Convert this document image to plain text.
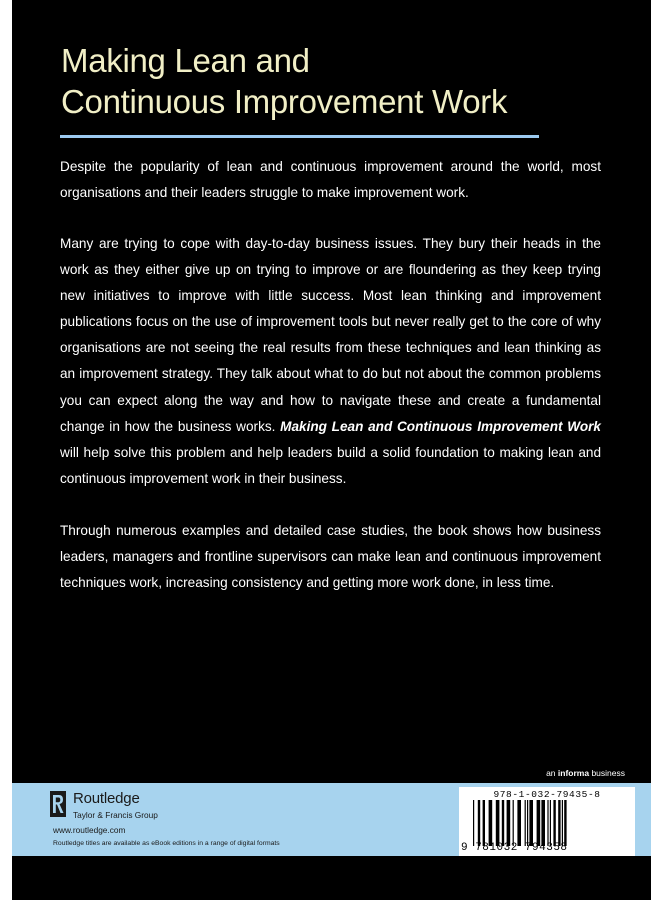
Making Lean and
Continuous Improvement Work

Despite the popularity of lean and continuous improvement around the world, most organisations and their leaders struggle to make improvement work.

Many are trying to cope with day-to-day business issues. They bury their heads in the work as they either give up on trying to improve or are floundering as they keep trying new initiatives to improve with little success. Most lean thinking and improvement publications focus on the use of improvement tools but never really get to the core of why organisations are not seeing the real results from these techniques and lean thinking as an improvement strategy. They talk about what to do but not about the common problems you can expect along the way and how to navigate these and create a fundamental change in how the business works. Making Lean and Continuous Improvement Work will help solve this problem and help leaders build a solid foundation to making lean and continuous improvement work in their business.

Through numerous examples and detailed case studies, the book shows how business leaders, managers and frontline supervisors can make lean and continuous improvement techniques work, increasing consistency and getting more work done, in less time.

an informa business
Routledge
Taylor & Francis Group
www.routledge.com
Routledge titles are available as eBook editions in a range of digital formats
978-1-032-79435-8
9 781032 794358
